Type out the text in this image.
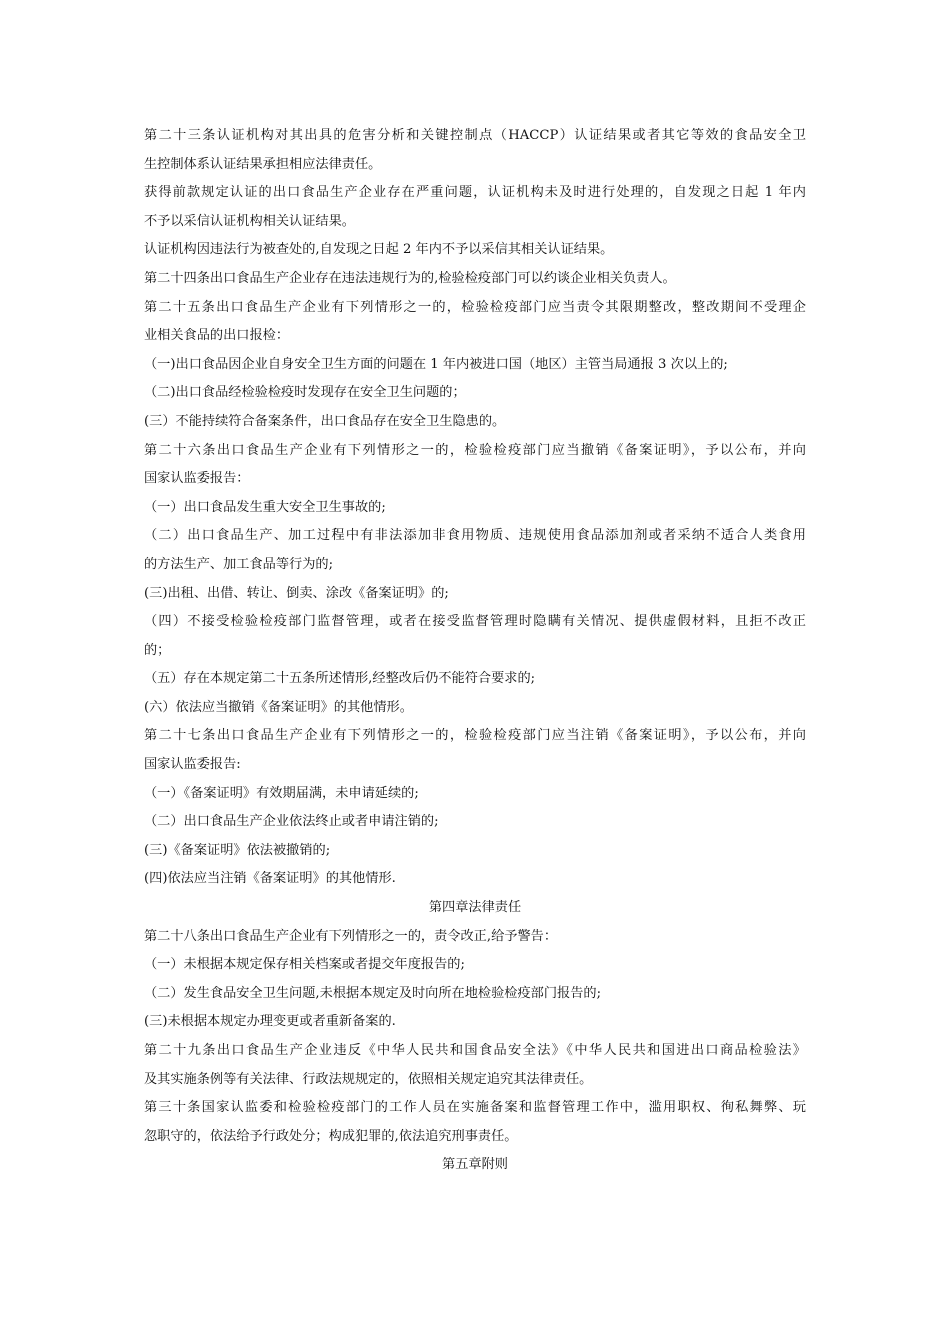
第二十三条认证机构对其出具的危害分析和关键控制点（HACCP）认证结果或者其它等效的食品安全卫
生控制体系认证结果承担相应法律责任。
获得前款规定认证的出口食品生产企业存在严重问题，认证机构未及时进行处理的，自发现之日起 1 年内
不予以采信认证机构相关认证结果。
认证机构因违法行为被查处的,自发现之日起 2 年内不予以采信其相关认证结果。
第二十四条出口食品生产企业存在违法违规行为的,检验检疫部门可以约谈企业相关负责人。
第二十五条出口食品生产企业有下列情形之一的，检验检疫部门应当责令其限期整改，整改期间不受理企
业相关食品的出口报检：
（一)出口食品因企业自身安全卫生方面的问题在 1 年内被进口国（地区）主管当局通报 3 次以上的;
（二)出口食品经检验检疫时发现存在安全卫生问题的；
(三）不能持续符合备案条件，出口食品存在安全卫生隐患的。
第二十六条出口食品生产企业有下列情形之一的，检验检疫部门应当撤销《备案证明》，予以公布，并向
国家认监委报告：
（一）出口食品发生重大安全卫生事故的;
（二）出口食品生产、加工过程中有非法添加非食用物质、违规使用食品添加剂或者采纳不适合人类食用
的方法生产、加工食品等行为的;
(三)出租、出借、转让、倒卖、涂改《备案证明》的;
（四）不接受检验检疫部门监督管理，或者在接受监督管理时隐瞒有关情况、提供虚假材料，且拒不改正
的；
（五）存在本规定第二十五条所述情形,经整改后仍不能符合要求的;
(六）依法应当撤销《备案证明》的其他情形。
第二十七条出口食品生产企业有下列情形之一的，检验检疫部门应当注销《备案证明》，予以公布，并向
国家认监委报告:
（一）《备案证明》有效期届满，未申请延续的;
（二）出口食品生产企业依法终止或者申请注销的;
(三)《备案证明》依法被撤销的;
(四)依法应当注销《备案证明》的其他情形.
第四章法律责任
第二十八条出口食品生产企业有下列情形之一的，责令改正,给予警告：
（一）未根据本规定保存相关档案或者提交年度报告的;
（二）发生食品安全卫生问题,未根据本规定及时向所在地检验检疫部门报告的;
(三)未根据本规定办理变更或者重新备案的.
第二十九条出口食品生产企业违反《中华人民共和国食品安全法》《中华人民共和国进出口商品检验法》
及其实施条例等有关法律、行政法规规定的，依照相关规定追究其法律责任。
第三十条国家认监委和检验检疫部门的工作人员在实施备案和监督管理工作中，滥用职权、徇私舞弊、玩
忽职守的，依法给予行政处分；构成犯罪的,依法追究刑事责任。
第五章附则
